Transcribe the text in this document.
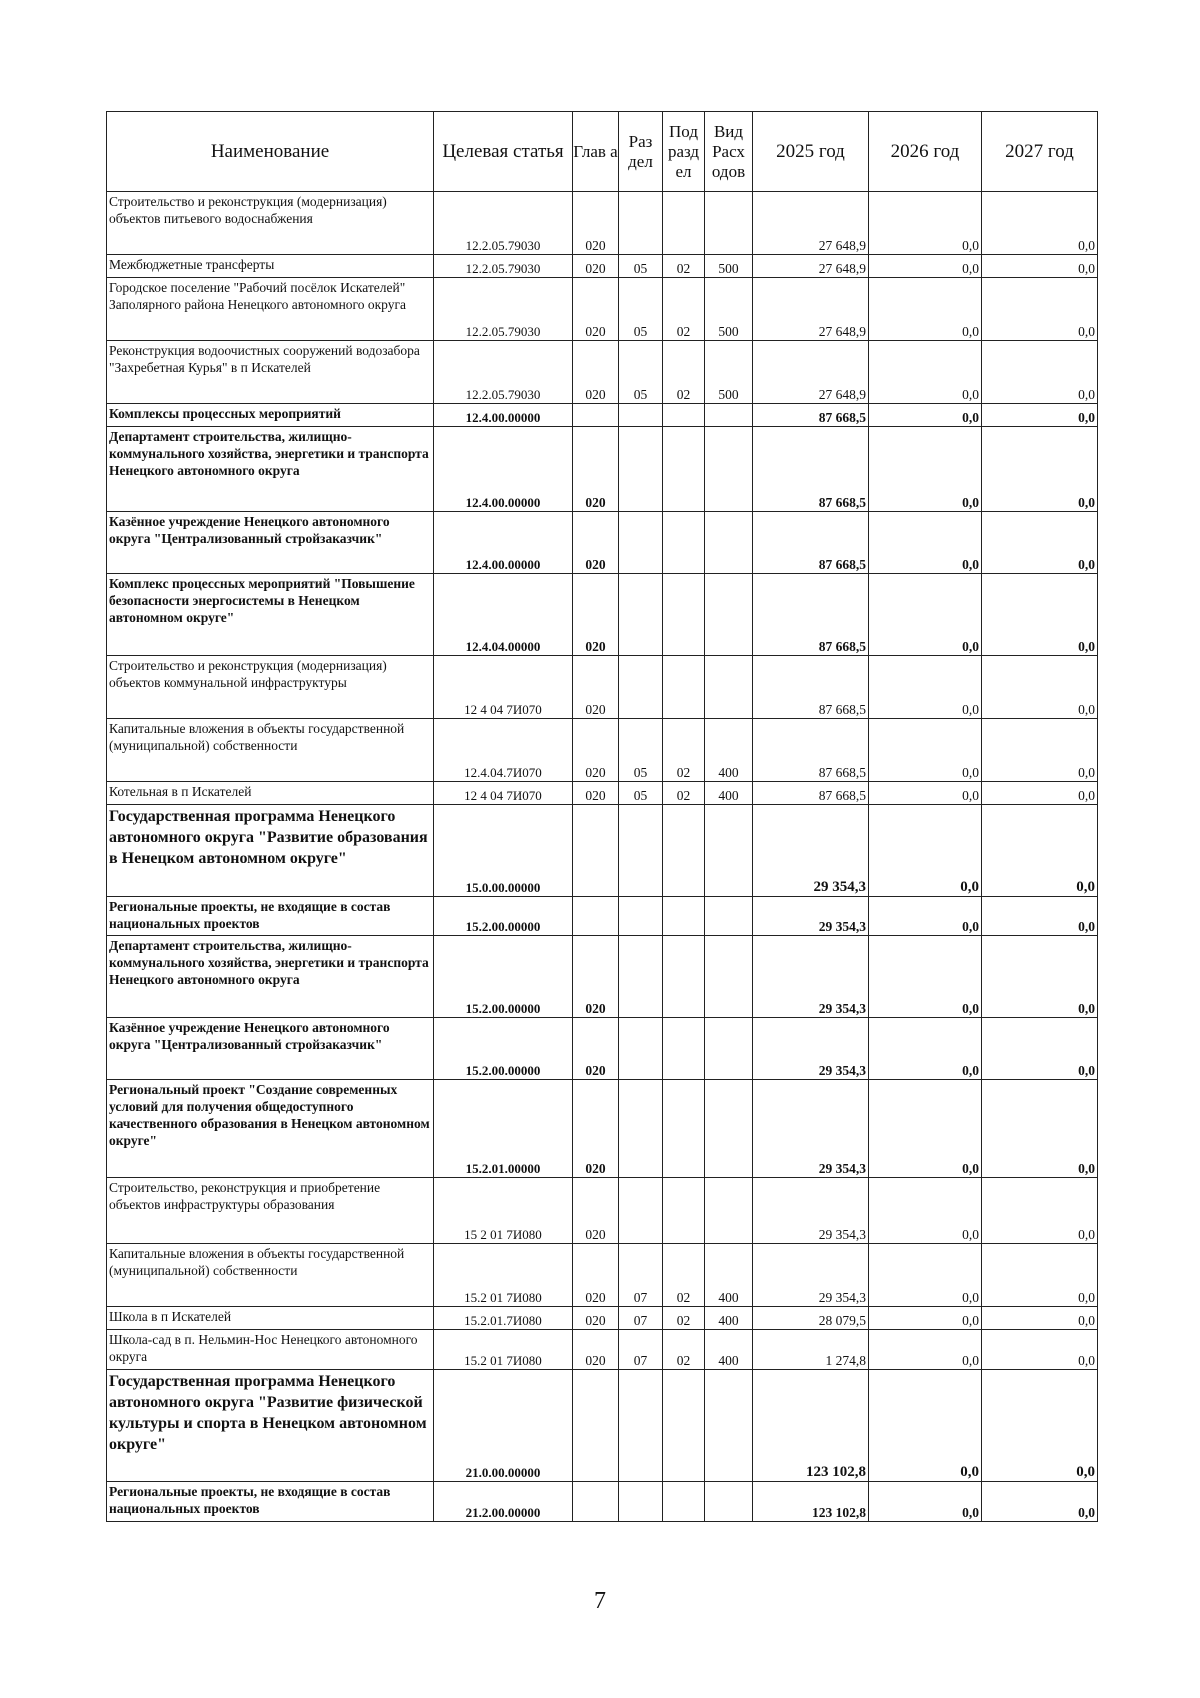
Наименование	Целевая статья	Глав а	Раз дел	Под разд ел	Вид Расх одов	2025 год	2026 год	2027 год
Строительство и реконструкция (модернизация) объектов питьевого водоснабжения	12.2.05.79030	020				27 648,9	0,0	0,0
Межбюджетные трансферты	12.2.05.79030	020	05	02	500	27 648,9	0,0	0,0
Городское поселение "Рабочий посёлок Искателей" Заполярного района Ненецкого автономного округа	12.2.05.79030	020	05	02	500	27 648,9	0,0	0,0
Реконструкция водоочистных сооружений водозабора "Захребетная Курья" в п Искателей	12.2.05.79030	020	05	02	500	27 648,9	0,0	0,0
Комплексы процессных мероприятий	12.4.00.00000					87 668,5	0,0	0,0
Департамент строительства, жилищно-коммунального хозяйства, энергетики и транспорта Ненецкого автономного округа	12.4.00.00000	020				87 668,5	0,0	0,0
Казённое учреждение Ненецкого автономного округа "Централизованный стройзаказчик"	12.4.00.00000	020				87 668,5	0,0	0,0
Комплекс процессных мероприятий "Повышение безопасности энергосистемы в Ненецком автономном округе"	12.4.04.00000	020				87 668,5	0,0	0,0
Строительство и реконструкция (модернизация) объектов коммунальной инфраструктуры	12 4 04 7И070	020				87 668,5	0,0	0,0
Капитальные вложения в объекты государственной (муниципальной) собственности	12.4.04.7И070	020	05	02	400	87 668,5	0,0	0,0
Котельная в п Искателей	12 4 04 7И070	020	05	02	400	87 668,5	0,0	0,0
Государственная программа Ненецкого автономного округа "Развитие образования в Ненецком автономном округе"	15.0.00.00000					29 354,3	0,0	0,0
Региональные проекты, не входящие в состав национальных проектов	15.2.00.00000					29 354,3	0,0	0,0
Департамент строительства, жилищно-коммунального хозяйства, энергетики и транспорта Ненецкого автономного округа	15.2.00.00000	020				29 354,3	0,0	0,0
Казённое учреждение Ненецкого автономного округа "Централизованный стройзаказчик"	15.2.00.00000	020				29 354,3	0,0	0,0
Региональный проект "Создание современных условий для получения общедоступного качественного образования в Ненецком автономном округе"	15.2.01.00000	020				29 354,3	0,0	0,0
Строительство, реконструкция и приобретение объектов инфраструктуры образования	15 2 01 7И080	020				29 354,3	0,0	0,0
Капитальные вложения в объекты государственной (муниципальной) собственности	15.2 01 7И080	020	07	02	400	29 354,3	0,0	0,0
Школа в п Искателей	15.2.01.7И080	020	07	02	400	28 079,5	0,0	0,0
Школа-сад в п. Нельмин-Нос Ненецкого автономного округа	15.2 01 7И080	020	07	02	400	1 274,8	0,0	0,0
Государственная программа Ненецкого автономного округа "Развитие физической культуры и спорта в Ненецком автономном округе"	21.0.00.00000					123 102,8	0,0	0,0
Региональные проекты, не входящие в состав национальных проектов	21.2.00.00000					123 102,8	0,0	0,0
7
